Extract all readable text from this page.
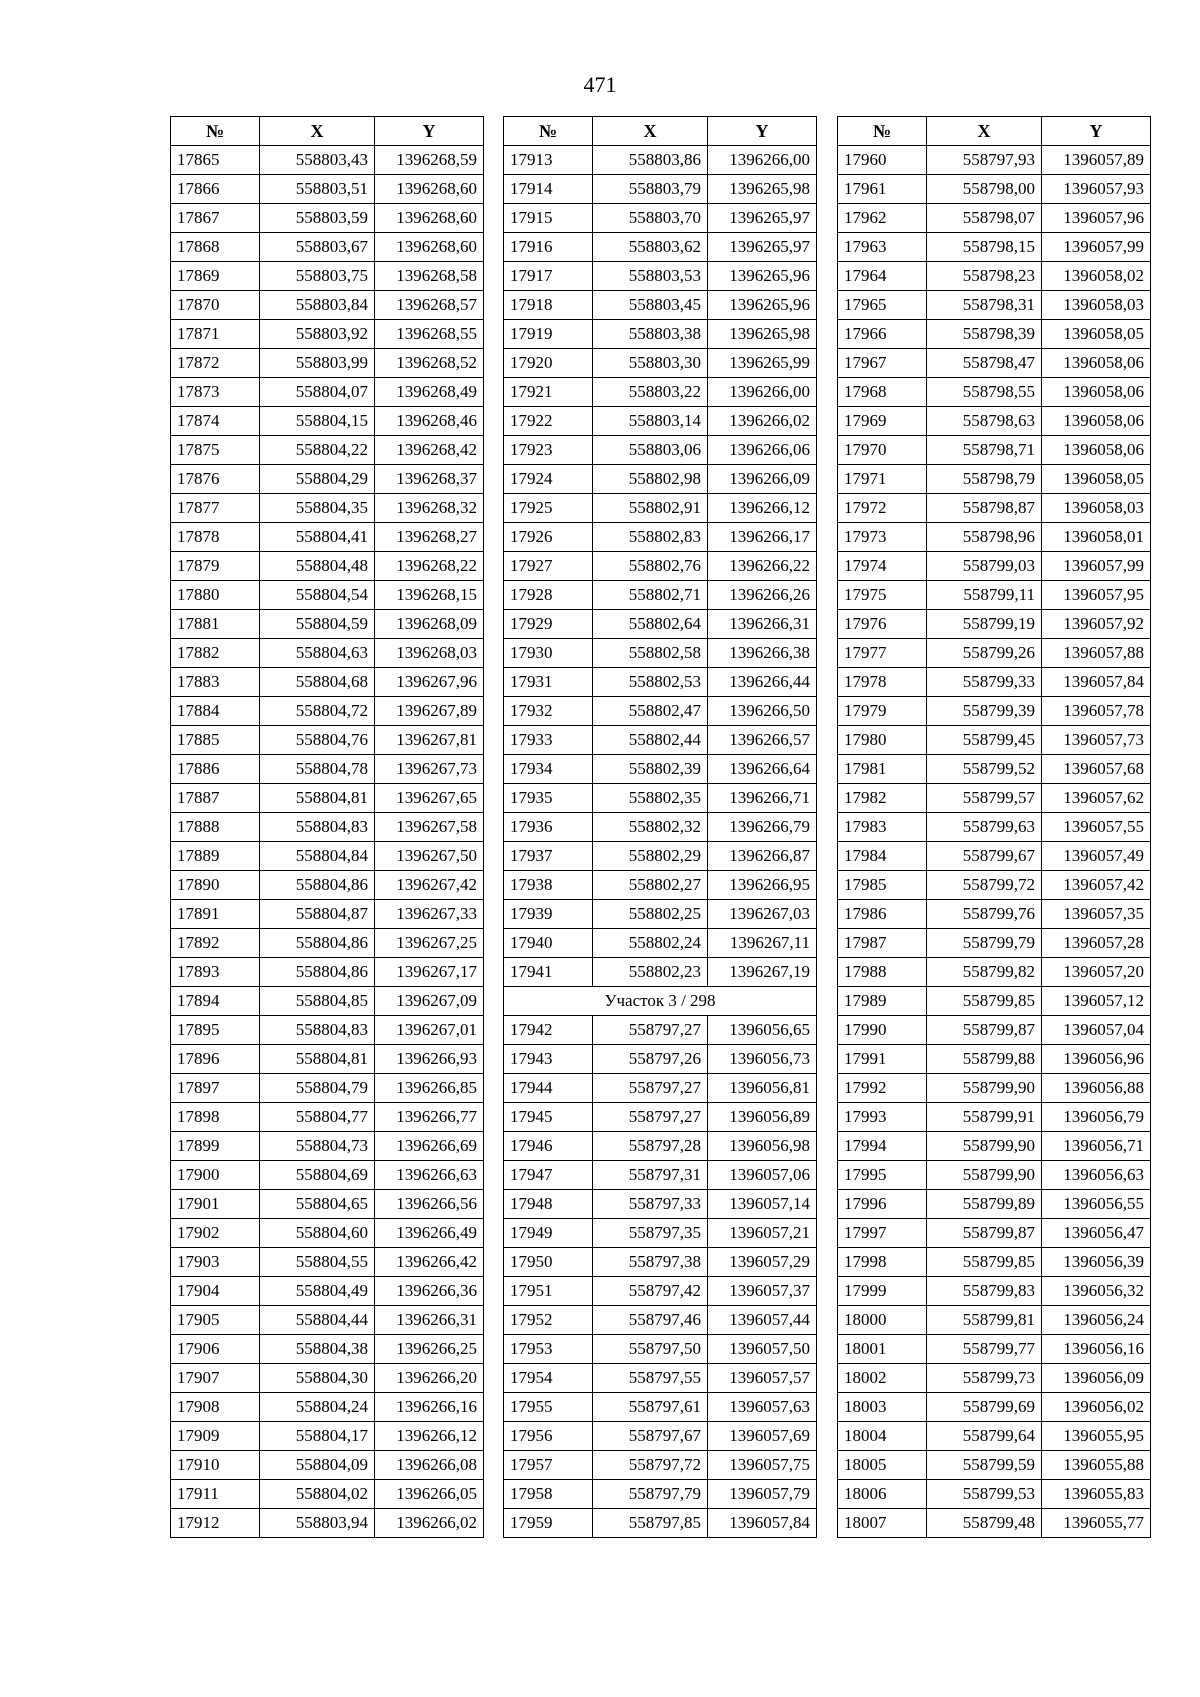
471
№	X	Y
17865	558803,43	1396268,59
17866	558803,51	1396268,60
17867	558803,59	1396268,60
17868	558803,67	1396268,60
17869	558803,75	1396268,58
17870	558803,84	1396268,57
17871	558803,92	1396268,55
17872	558803,99	1396268,52
17873	558804,07	1396268,49
17874	558804,15	1396268,46
17875	558804,22	1396268,42
17876	558804,29	1396268,37
17877	558804,35	1396268,32
17878	558804,41	1396268,27
17879	558804,48	1396268,22
17880	558804,54	1396268,15
17881	558804,59	1396268,09
17882	558804,63	1396268,03
17883	558804,68	1396267,96
17884	558804,72	1396267,89
17885	558804,76	1396267,81
17886	558804,78	1396267,73
17887	558804,81	1396267,65
17888	558804,83	1396267,58
17889	558804,84	1396267,50
17890	558804,86	1396267,42
17891	558804,87	1396267,33
17892	558804,86	1396267,25
17893	558804,86	1396267,17
17894	558804,85	1396267,09
17895	558804,83	1396267,01
17896	558804,81	1396266,93
17897	558804,79	1396266,85
17898	558804,77	1396266,77
17899	558804,73	1396266,69
17900	558804,69	1396266,63
17901	558804,65	1396266,56
17902	558804,60	1396266,49
17903	558804,55	1396266,42
17904	558804,49	1396266,36
17905	558804,44	1396266,31
17906	558804,38	1396266,25
17907	558804,30	1396266,20
17908	558804,24	1396266,16
17909	558804,17	1396266,12
17910	558804,09	1396266,08
17911	558804,02	1396266,05
17912	558803,94	1396266,02
№	X	Y
17913	558803,86	1396266,00
17914	558803,79	1396265,98
17915	558803,70	1396265,97
17916	558803,62	1396265,97
17917	558803,53	1396265,96
17918	558803,45	1396265,96
17919	558803,38	1396265,98
17920	558803,30	1396265,99
17921	558803,22	1396266,00
17922	558803,14	1396266,02
17923	558803,06	1396266,06
17924	558802,98	1396266,09
17925	558802,91	1396266,12
17926	558802,83	1396266,17
17927	558802,76	1396266,22
17928	558802,71	1396266,26
17929	558802,64	1396266,31
17930	558802,58	1396266,38
17931	558802,53	1396266,44
17932	558802,47	1396266,50
17933	558802,44	1396266,57
17934	558802,39	1396266,64
17935	558802,35	1396266,71
17936	558802,32	1396266,79
17937	558802,29	1396266,87
17938	558802,27	1396266,95
17939	558802,25	1396267,03
17940	558802,24	1396267,11
17941	558802,23	1396267,19
Участок 3 / 298		
17942	558797,27	1396056,65
17943	558797,26	1396056,73
17944	558797,27	1396056,81
17945	558797,27	1396056,89
17946	558797,28	1396056,98
17947	558797,31	1396057,06
17948	558797,33	1396057,14
17949	558797,35	1396057,21
17950	558797,38	1396057,29
17951	558797,42	1396057,37
17952	558797,46	1396057,44
17953	558797,50	1396057,50
17954	558797,55	1396057,57
17955	558797,61	1396057,63
17956	558797,67	1396057,69
17957	558797,72	1396057,75
17958	558797,79	1396057,79
17959	558797,85	1396057,84
№	X	Y
17960	558797,93	1396057,89
17961	558798,00	1396057,93
17962	558798,07	1396057,96
17963	558798,15	1396057,99
17964	558798,23	1396058,02
17965	558798,31	1396058,03
17966	558798,39	1396058,05
17967	558798,47	1396058,06
17968	558798,55	1396058,06
17969	558798,63	1396058,06
17970	558798,71	1396058,06
17971	558798,79	1396058,05
17972	558798,87	1396058,03
17973	558798,96	1396058,01
17974	558799,03	1396057,99
17975	558799,11	1396057,95
17976	558799,19	1396057,92
17977	558799,26	1396057,88
17978	558799,33	1396057,84
17979	558799,39	1396057,78
17980	558799,45	1396057,73
17981	558799,52	1396057,68
17982	558799,57	1396057,62
17983	558799,63	1396057,55
17984	558799,67	1396057,49
17985	558799,72	1396057,42
17986	558799,76	1396057,35
17987	558799,79	1396057,28
17988	558799,82	1396057,20
17989	558799,85	1396057,12
17990	558799,87	1396057,04
17991	558799,88	1396056,96
17992	558799,90	1396056,88
17993	558799,91	1396056,79
17994	558799,90	1396056,71
17995	558799,90	1396056,63
17996	558799,89	1396056,55
17997	558799,87	1396056,47
17998	558799,85	1396056,39
17999	558799,83	1396056,32
18000	558799,81	1396056,24
18001	558799,77	1396056,16
18002	558799,73	1396056,09
18003	558799,69	1396056,02
18004	558799,64	1396055,95
18005	558799,59	1396055,88
18006	558799,53	1396055,83
18007	558799,48	1396055,77
